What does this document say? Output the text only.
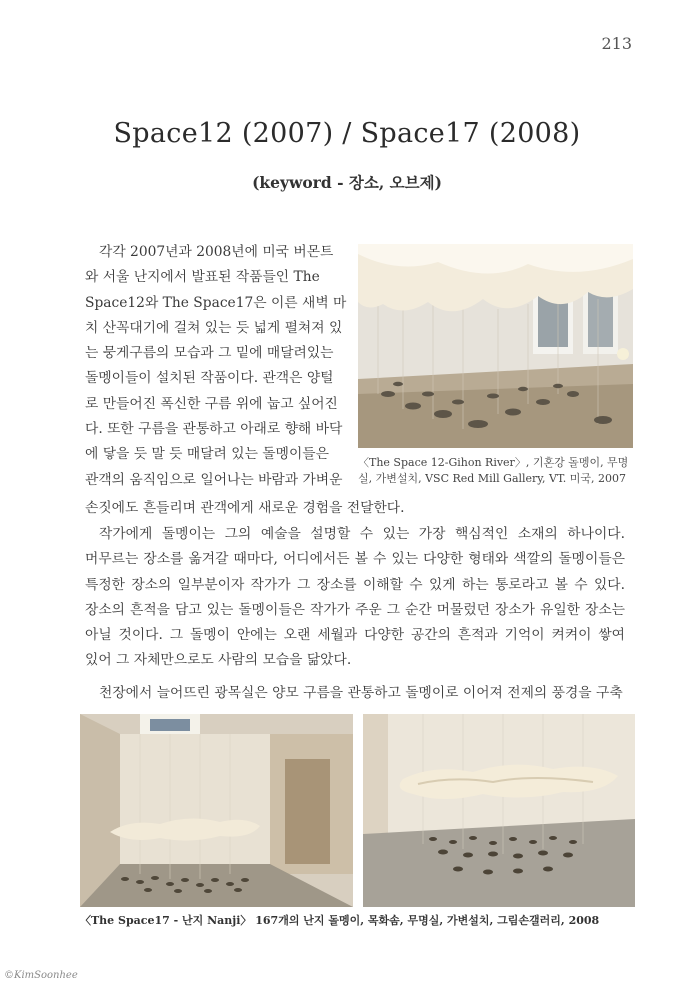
213
Space12 (2007) / Space17 (2008)
(keyword - 장소, 오브제)
각각 2007년과 2008년에 미국 버몬트
와 서울 난지에서 발표된 작품들인 The
Space12와 The Space17은 이른 새벽 마
치 산꼭대기에 걸쳐 있는 듯 넓게 펼쳐져 있
는 뭉게구름의 모습과 그 밑에 매달려있는
돌멩이들이 설치된 작품이다. 관객은 양털
로 만들어진 폭신한 구름 위에 눕고 싶어진
다. 또한 구름을 관통하고 아래로 향해 바닥
에 닿을 듯 말 듯 매달려 있는 돌멩이들은
관객의 움직임으로 일어나는 바람과 가벼운
손짓에도 흔들리며 관객에게 새로운 경험을 전달한다.
〈The Space 12-Gihon River〉, 기혼강 돌멩이, 무명실, 가변설치, VSC Red Mill Gallery, VT. 미국, 2007
작가에게 돌멩이는 그의 예술을 설명할 수 있는 가장 핵심적인 소재의 하나이다. 머무르는 장소를 옮겨갈 때마다, 어디에서든 볼 수 있는 다양한 형태와 색깔의 돌멩이들은 특정한 장소의 일부분이자 작가가 그 장소를 이해할 수 있게 하는 통로라고 볼 수 있다. 장소의 흔적을 담고 있는 돌멩이들은 작가가 주운 그 순간 머물렀던 장소가 유일한 장소는 아닐 것이다. 그 돌멩이 안에는 오랜 세월과 다양한 공간의 흔적과 기억이 켜켜이 쌓여 있어 그 자체만으로도 사람의 모습을 닮았다.
천장에서 늘어뜨린 광목실은 양모 구름을 관통하고 돌멩이로 이어져 전제의 풍경을 구축
〈The Space17 - 난지 Nanji〉 167개의 난지 돌멩이, 목화솜, 무명실, 가변설치, 그림손갤러리, 2008
©KimSoonhee
